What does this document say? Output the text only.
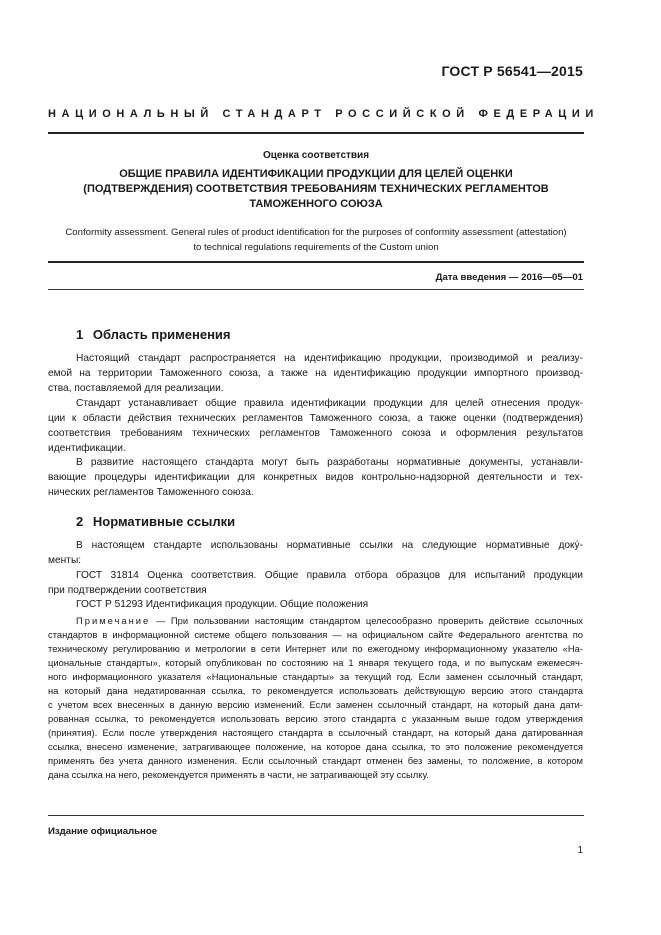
ГОСТ Р 56541—2015
НАЦИОНАЛЬНЫЙ СТАНДАРТ РОССИЙСКОЙ ФЕДЕРАЦИИ
Оценка соответствия
ОБЩИЕ ПРАВИЛА ИДЕНТИФИКАЦИИ ПРОДУКЦИИ ДЛЯ ЦЕЛЕЙ ОЦЕНКИ
(ПОДТВЕРЖДЕНИЯ) СООТВЕТСТВИЯ ТРЕБОВАНИЯМ ТЕХНИЧЕСКИХ РЕГЛАМЕНТОВ
ТАМОЖЕННОГО СОЮЗА
Conformity assessment. General rules of product identification for the purposes of conformity assessment (attestation)
to technical regulations requirements of the Custom union
Дата введения — 2016—05—01
1 Область применения
Настоящий стандарт распространяется на идентификацию продукции, производимой и реализу-
емой на территории Таможенного союза, а также на идентификацию продукции импортного производ-
ства, поставляемой для реализации.
Стандарт устанавливает общие правила идентификации продукции для целей отнесения продук-
ции к области действия технических регламентов Таможенного союза, а также оценки (подтверждения)
соответствия требованиям технических регламентов Таможенного союза и оформления результатов
идентификации.
В развитие настоящего стандарта могут быть разработаны нормативные документы, устанавли-
вающие процедуры идентификации для конкретных видов контрольно-надзорной деятельности и тех-
нических регламентов Таможенного союза.
2 Нормативные ссылки
В настоящем стандарте использованы нормативные ссылки на следующие нормативные докý-
менты:
ГОСТ 31814 Оценка соответствия. Общие правила отбора образцов для испытаний продукции
при подтверждении соответствия
ГОСТ Р 51293 Идентификация продукции. Общие положения
Примечание — При пользовании настоящим стандартом целесообразно проверить действие ссылочных
стандартов в информационной системе общего пользования — на официальном сайте Федерального агентства по
техническому регулированию и метрологии в сети Интернет или по ежегодному информационному указателю «На-
циональные стандарты», который опубликован по состоянию на 1 января текущего года, и по выпускам ежемесяч-
ного информационного указателя «Национальные стандарты» за текущий год. Если заменен ссылочный стандарт,
на который дана недатированная ссылка, то рекомендуется использовать действующую версию этого стандарта
с учетом всех внесенных в данную версию изменений. Если заменен ссылочный стандарт, на который дана дати-
рованная ссылка, то рекомендуется использовать версию этого стандарта с указанным выше годом утверждения
(принятия). Если после утверждения настоящего стандарта в ссылочный стандарт, на который дана датированная
ссылка, внесено изменение, затрагивающее положение, на которое дана ссылка, то это положение рекомендуется
применять без учета данного изменения. Если ссылочный стандарт отменен без замены, то положение, в котором
дана ссылка на него, рекомендуется применять в части, не затрагивающей эту ссылку.
Издание официальное
1
